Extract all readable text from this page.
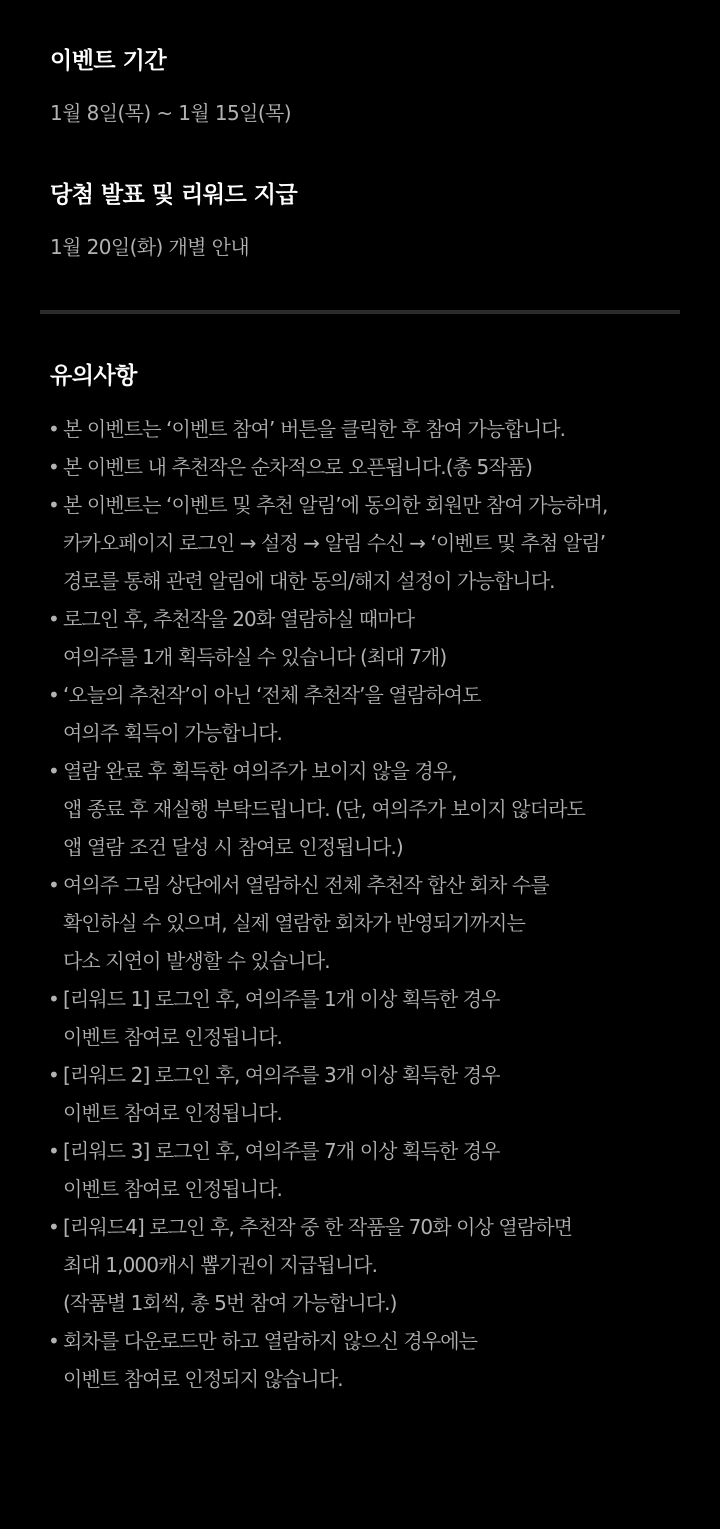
이벤트 기간
1월 8일(목) ~ 1월 15일(목)
당첨 발표 및 리워드 지급
1월 20일(화) 개별 안내
유의사항
• 본 이벤트는 ‘이벤트 참여’ 버튼을 클릭한 후 참여 가능합니다.
• 본 이벤트 내 추천작은 순차적으로 오픈됩니다.(총 5작품)
• 본 이벤트는 ‘이벤트 및 추천 알림’에 동의한 회원만 참여 가능하며,
카카오페이지 로그인 → 설정 → 알림 수신 → ‘이벤트 및 추첨 알림’
경로를 통해 관련 알림에 대한 동의/해지 설정이 가능합니다.
• 로그인 후, 추천작을 20화 열람하실 때마다
여의주를 1개 획득하실 수 있습니다 (최대 7개)
• ‘오늘의 추천작’이 아닌 ‘전체 추천작’을 열람하여도
여의주 획득이 가능합니다.
• 열람 완료 후 획득한 여의주가 보이지 않을 경우,
앱 종료 후 재실행 부탁드립니다. (단, 여의주가 보이지 않더라도
앱 열람 조건 달성 시 참여로 인정됩니다.)
• 여의주 그림 상단에서 열람하신 전체 추천작 합산 회차 수를
확인하실 수 있으며, 실제 열람한 회차가 반영되기까지는
다소 지연이 발생할 수 있습니다.
• [리워드 1] 로그인 후, 여의주를 1개 이상 획득한 경우
이벤트 참여로 인정됩니다.
• [리워드 2] 로그인 후, 여의주를 3개 이상 획득한 경우
이벤트 참여로 인정됩니다.
• [리워드 3] 로그인 후, 여의주를 7개 이상 획득한 경우
이벤트 참여로 인정됩니다.
• [리워드4] 로그인 후, 추천작 중 한 작품을 70화 이상 열람하면
최대 1,000캐시 뽑기권이 지급됩니다.
(작품별 1회씩, 총 5번 참여 가능합니다.)
• 회차를 다운로드만 하고 열람하지 않으신 경우에는
이벤트 참여로 인정되지 않습니다.
